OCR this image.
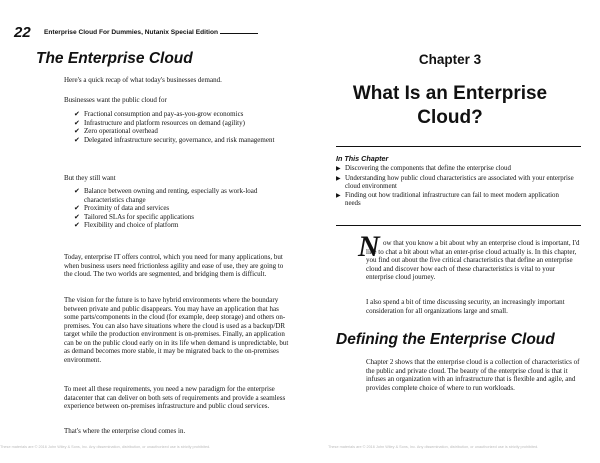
22 Enterprise Cloud For Dummies, Nutanix Special Edition
The Enterprise Cloud

Here's a quick recap of what today's businesses demand.

Businesses want the public cloud for

✔ Fractional consumption and pay-as-you-grow economics
✔ Infrastructure and platform resources on demand (agility)
✔ Zero operational overhead
✔ Delegated infrastructure security, governance, and risk management

But they still want

✔ Balance between owning and renting, especially as work-load characteristics change
✔ Proximity of data and services
✔ Tailored SLAs for specific applications
✔ Flexibility and choice of platform

Today, enterprise IT offers control, which you need for many applications, but when business users need frictionless agility and ease of use, they are going to the cloud. The two worlds are segmented, and bridging them is difficult.

The vision for the future is to have hybrid environments where the boundary between private and public disappears. You may have an application that has some parts/components in the cloud (for example, deep storage) and others on-premises. You can also have situations where the cloud is used as a backup/DR target while the production environment is on-premises. Finally, an application can be on the public cloud early on in its life when demand is unpredictable, but as demand becomes more stable, it may be migrated back to the on-premises environment.

To meet all these requirements, you need a new paradigm for the enterprise datacenter that can deliver on both sets of requirements and provide a seamless experience between on-premises infrastructure and public cloud services.

That's where the enterprise cloud comes in.

These materials are © 2016 John Wiley & Sons, Inc. Any dissemination, distribution, or unauthorized use is strictly prohibited.
Chapter 3
What Is an Enterprise Cloud?
In This Chapter
▶ Discovering the components that define the enterprise cloud
▶ Understanding how public cloud characteristics are associated with your enterprise cloud environment
▶ Finding out how traditional infrastructure can fail to meet modern application needs
N ow that you know a bit about why an enterprise cloud is important, I'd like to chat a bit about what an enter-prise cloud actually is. In this chapter, you find out about the five critical characteristics that define an enterprise cloud and discover how each of these characteristics is vital to your enterprise cloud journey.

I also spend a bit of time discussing security, an increasingly important consideration for all organizations large and small.

Defining the Enterprise Cloud

Chapter 2 shows that the enterprise cloud is a collection of characteristics of the public and private cloud. The beauty of the enterprise cloud is that it infuses an organization with an infrastructure that is flexible and agile, and provides complete choice of where to run workloads.

These materials are © 2016 John Wiley & Sons, Inc. Any dissemination, distribution, or unauthorized use is strictly prohibited.
